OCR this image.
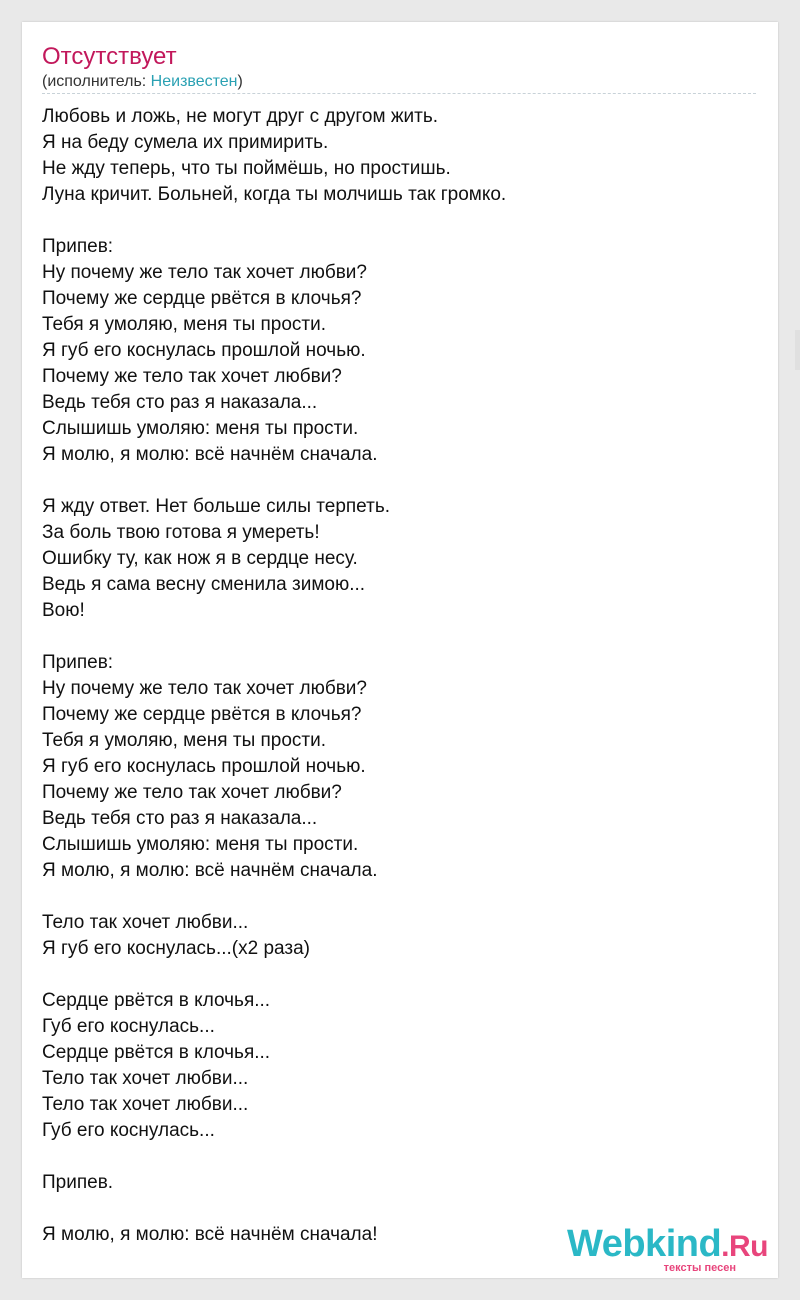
Отсутствует
(исполнитель: Неизвестен)
Любовь и ложь, не могут друг с другом жить.
Я на беду сумела их примирить.
Не жду теперь, что ты поймёшь, но простишь.
Луна кричит. Больней, когда ты молчишь так громко.
Припев:
Ну почему же тело так хочет любви?
Почему же сердце рвётся в клочья?
Тебя я умоляю, меня ты прости.
Я губ его коснулась прошлой ночью.
Почему же тело так хочет любви?
Ведь тебя сто раз я наказала...
Слышишь умоляю: меня ты прости.
Я молю, я молю: всё начнём сначала.
Я жду ответ. Нет больше силы терпеть.
За боль твою готова я умереть!
Ошибку ту, как нож я в сердце несу.
Ведь я сама весну сменила зимою...
Вою!
Припев:
Ну почему же тело так хочет любви?
Почему же сердце рвётся в клочья?
Тебя я умоляю, меня ты прости.
Я губ его коснулась прошлой ночью.
Почему же тело так хочет любви?
Ведь тебя сто раз я наказала...
Слышишь умоляю: меня ты прости.
Я молю, я молю: всё начнём сначала.
Тело так хочет любви...
Я губ его коснулась...(x2 раза)
Сердце рвётся в клочья...
Губ его коснулась...
Сердце рвётся в клочья...
Тело так хочет любви...
Тело так хочет любви...
Губ его коснулась...
Припев.
Я молю, я молю: всё начнём сначала!	Webkind.Ru
тексты песен
